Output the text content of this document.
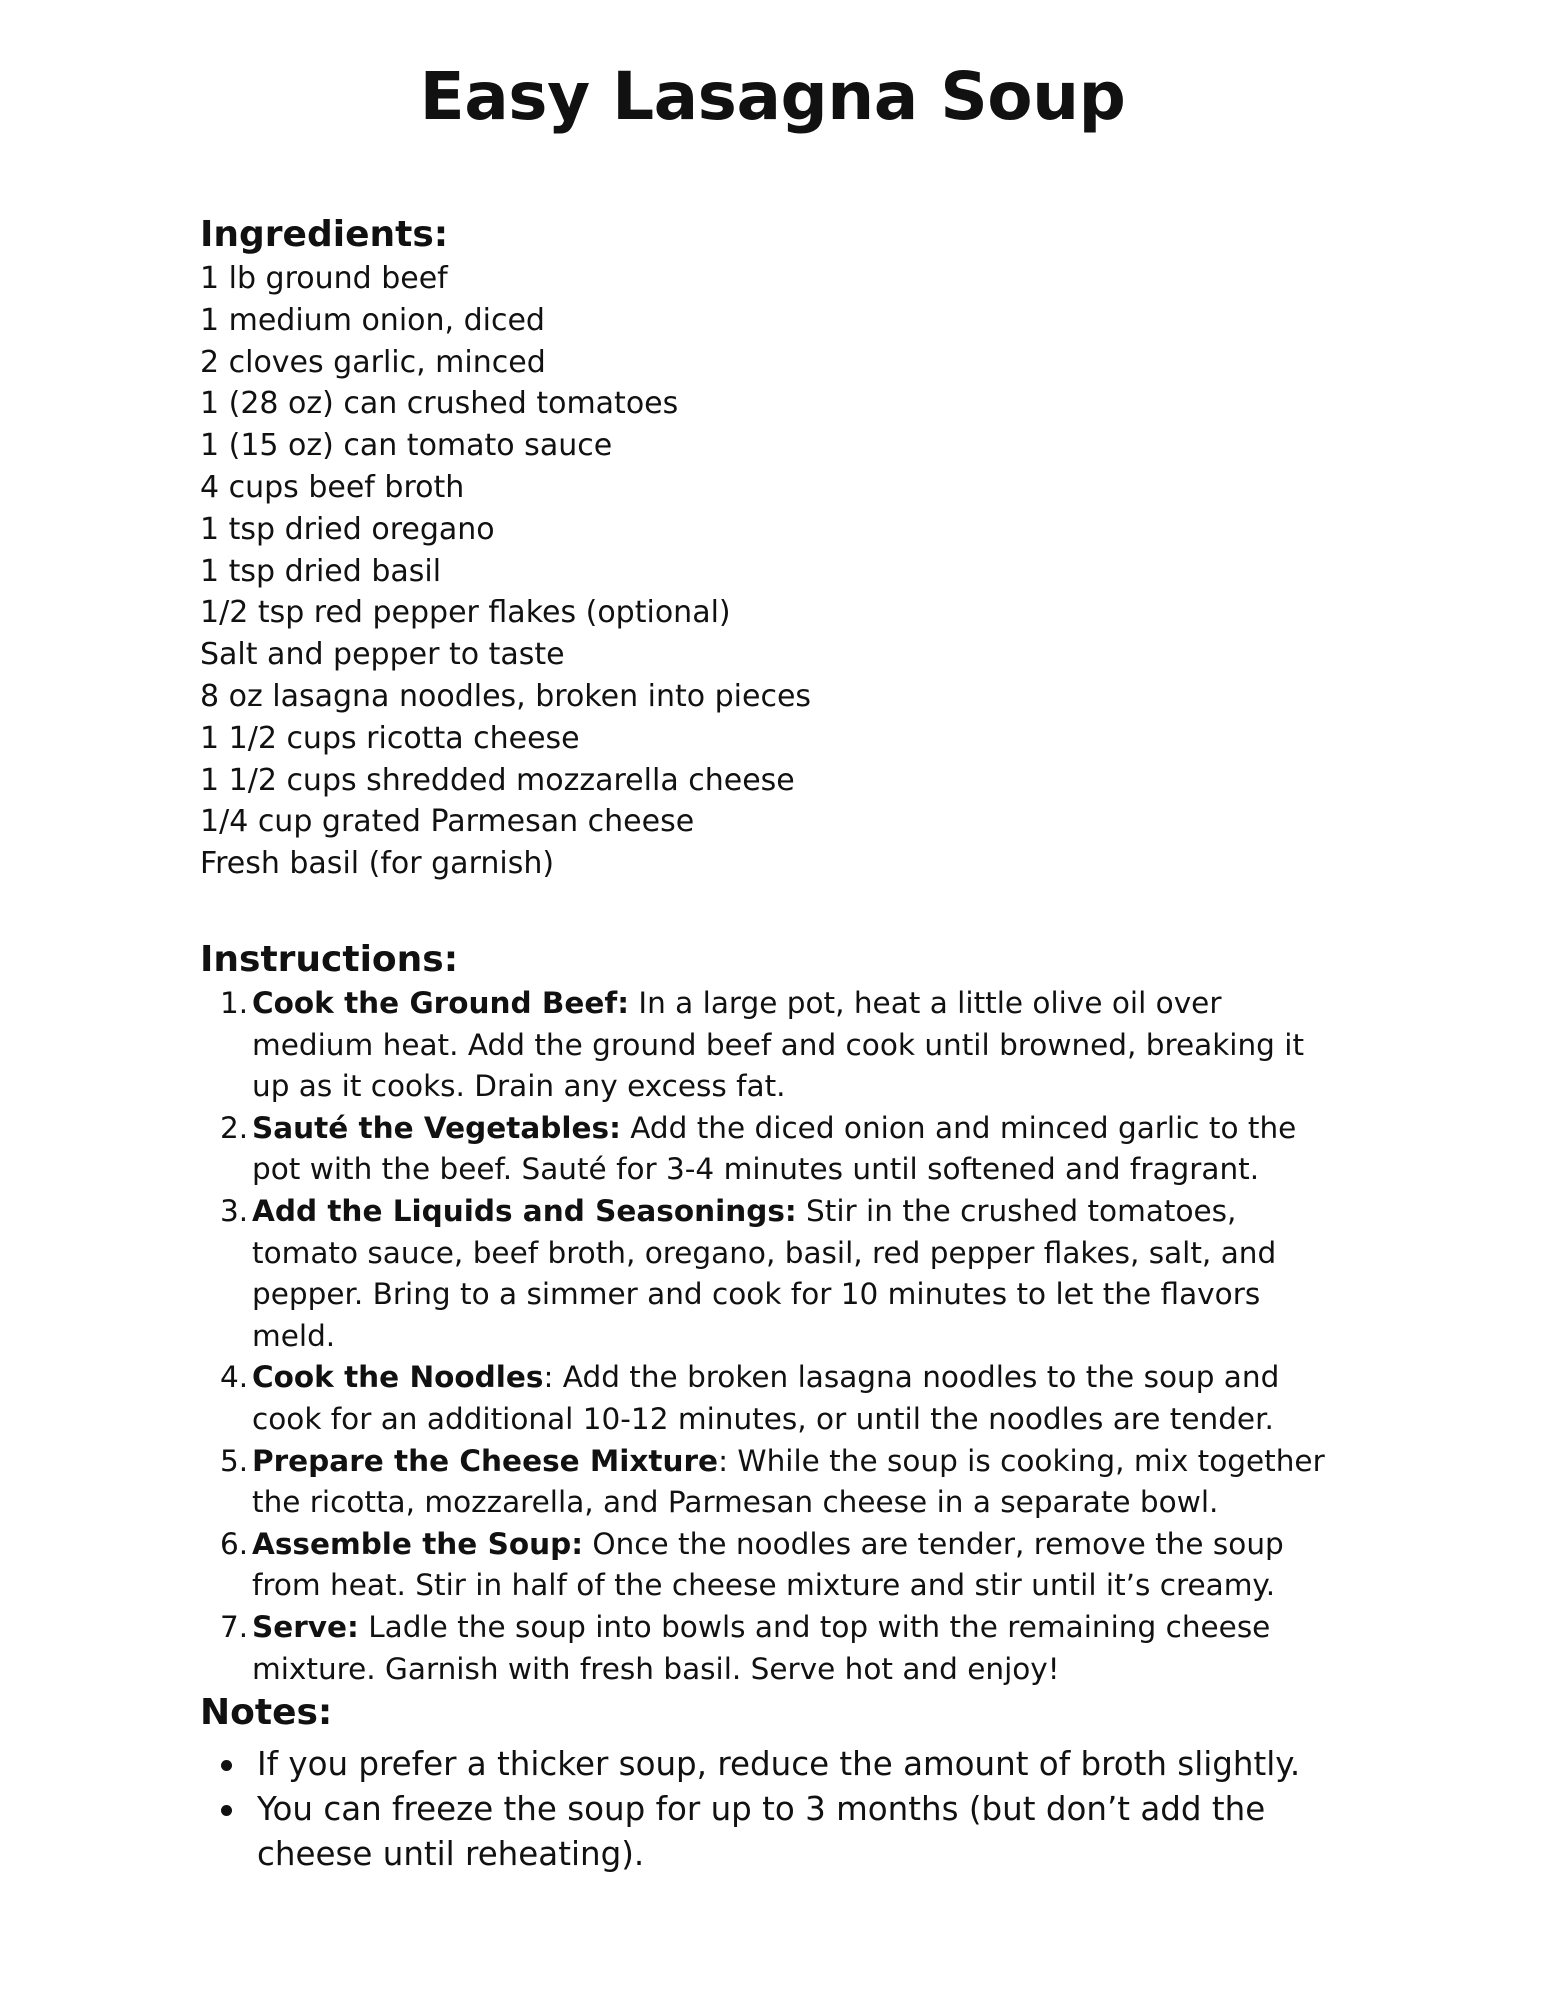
Easy Lasagna Soup
Ingredients:
1 lb ground beef
1 medium onion, diced
2 cloves garlic, minced
1 (28 oz) can crushed tomatoes
1 (15 oz) can tomato sauce
4 cups beef broth
1 tsp dried oregano
1 tsp dried basil
1/2 tsp red pepper flakes (optional)
Salt and pepper to taste
8 oz lasagna noodles, broken into pieces
1 1/2 cups ricotta cheese
1 1/2 cups shredded mozzarella cheese
1/4 cup grated Parmesan cheese
Fresh basil (for garnish)
Instructions:
1. Cook the Ground Beef: In a large pot, heat a little olive oil over medium heat. Add the ground beef and cook until browned, breaking it up as it cooks. Drain any excess fat.
2. Sauté the Vegetables: Add the diced onion and minced garlic to the pot with the beef. Sauté for 3-4 minutes until softened and fragrant.
3. Add the Liquids and Seasonings: Stir in the crushed tomatoes, tomato sauce, beef broth, oregano, basil, red pepper flakes, salt, and pepper. Bring to a simmer and cook for 10 minutes to let the flavors meld.
4. Cook the Noodles: Add the broken lasagna noodles to the soup and cook for an additional 10-12 minutes, or until the noodles are tender.
5. Prepare the Cheese Mixture: While the soup is cooking, mix together the ricotta, mozzarella, and Parmesan cheese in a separate bowl.
6. Assemble the Soup: Once the noodles are tender, remove the soup from heat. Stir in half of the cheese mixture and stir until it’s creamy.
7. Serve: Ladle the soup into bowls and top with the remaining cheese mixture. Garnish with fresh basil. Serve hot and enjoy!
Notes:
If you prefer a thicker soup, reduce the amount of broth slightly.
You can freeze the soup for up to 3 months (but don’t add the cheese until reheating).
